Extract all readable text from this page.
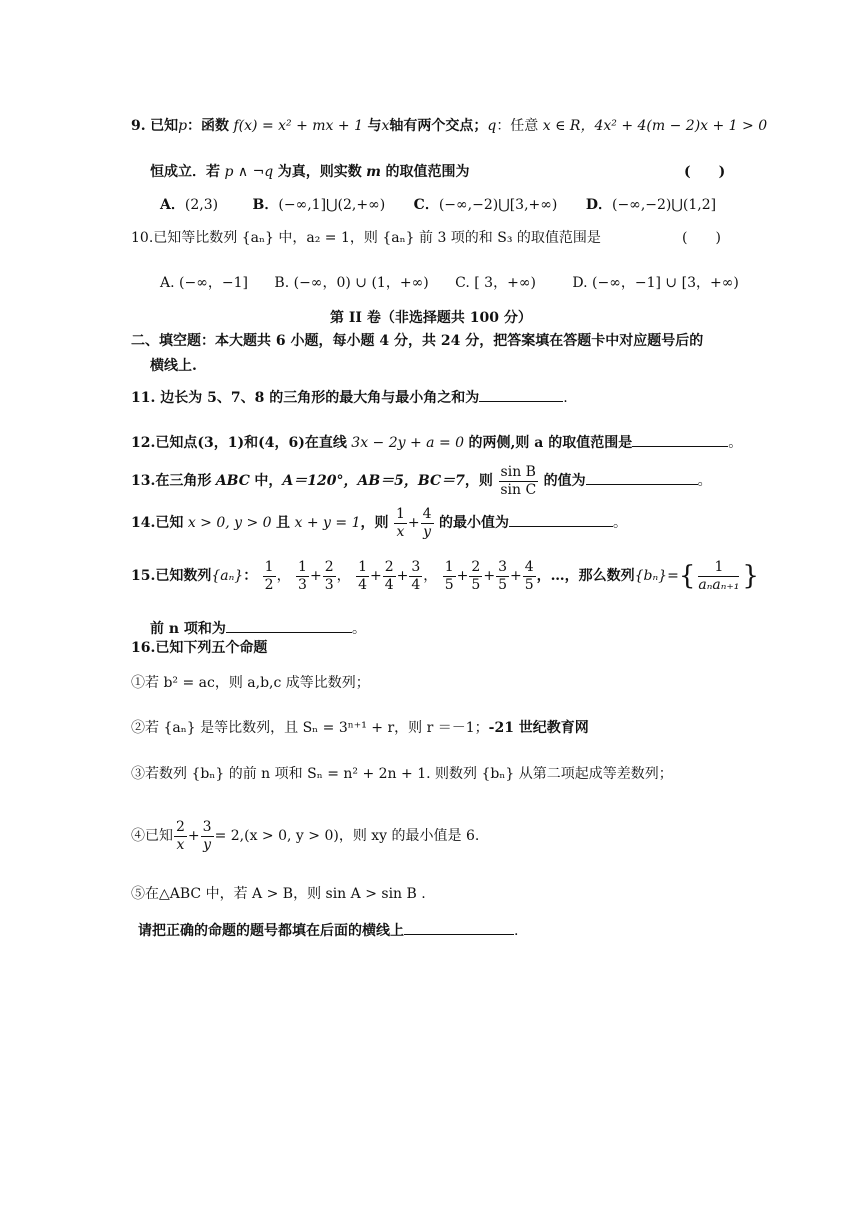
9. 已知p：函数 f(x) = x² + mx + 1 与x轴有两个交点；q：任意 x ∈ R，4x² + 4(m − 2)x + 1 > 0
恒成立．若 p ∧ ¬q 为真，则实数 m 的取值范围为	(　　)
A．(2,3) B．(−∞,1]⋃(2,+∞) C．(−∞,−2)⋃[3,+∞) D．(−∞,−2)⋃(1,2]
10.已知等比数列 {aₙ} 中，a₂ = 1，则 {aₙ} 前 3 项的和 S₃ 的取值范围是	(　　)
A. (−∞，−1] B. (−∞，0) ∪ (1，+∞) C. [ 3，+∞)	D. (−∞，−1] ∪ [3，+∞)
第 II 卷（非选择题共 100 分）
二、填空题：本大题共 6 小题，每小题 4 分，共 24 分，把答案填在答题卡中对应题号后的
横线上.
11. 边长为 5、7、8 的三角形的最大角与最小角之和为	.
12.已知点(3，1)和(4，6)在直线 3x − 2y + a = 0 的两侧,则 a 的取值范围是	。
13.在三角形 ABC 中，A＝120°，AB＝5，BC＝7，则 $\frac{\text{sin B}}{\text{sin C}}$ 的值为	。
14.已知 x > 0, y > 0 且 x + y = 1，则 $\frac{1}{x} + \frac{4}{y}$ 的最小值为	。
15.已知数列{aₙ}： $\frac{1}{2}$ ， $\frac{1}{3} + \frac{2}{3}$ ， $\frac{1}{4} + \frac{2}{4} + \frac{3}{4}$ ， $\frac{1}{5} + \frac{2}{5} + \frac{3}{5} + \frac{4}{5}$ ，…，那么数列$\{b_n\}=\{ \frac{1}{\text{aₙaₙ₊₁}}$ }
前 n 项和为	。
16.已知下列五个命题
①若 b² = ac，则 a,b,c 成等比数列；
②若 {aₙ} 是等比数列，且 Sₙ = 3ⁿ⁺¹ + r，则 r ＝－1；-21 世纪教育网
③若数列 {bₙ} 的前 n 项和 Sₙ = n² + 2n + 1. 则数列 {bₙ} 从第二项起成等差数列；
④已知 $\frac{2}{x} + \frac{3}{y} = 2,(x > 0$, y > 0)，则 xy 的最小值是 6.
⑤在△ABC 中，若 A > B，则 sin A > sin B .
请把正确的命题的题号都填在后面的横线上	.
